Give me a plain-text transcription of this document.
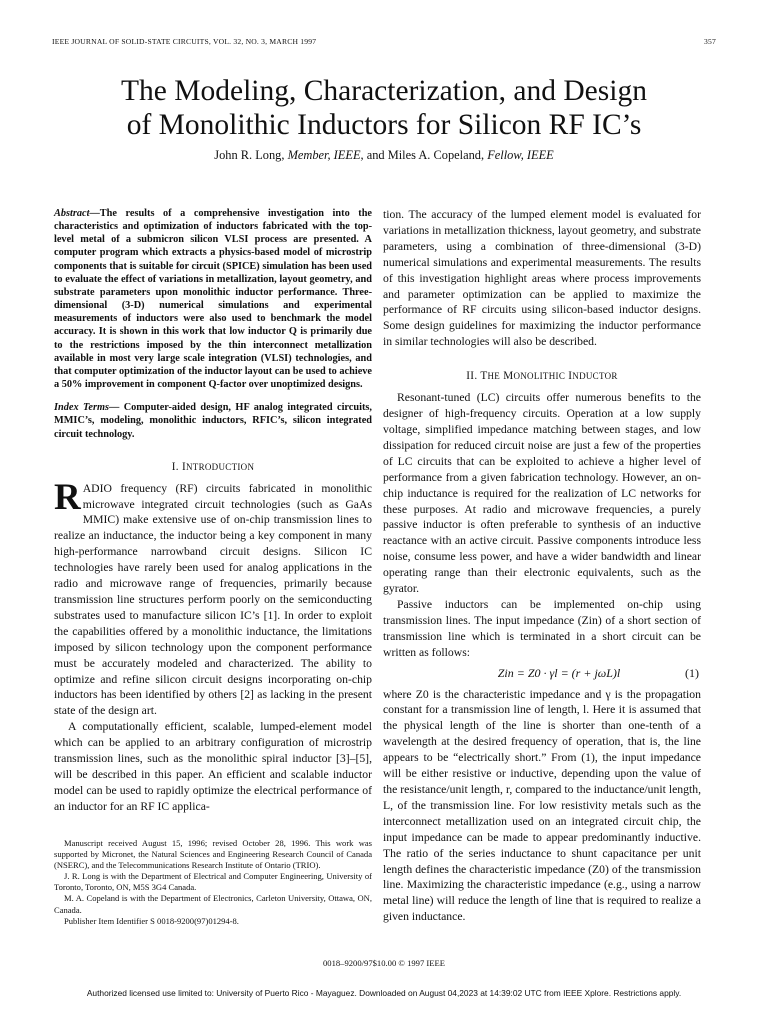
IEEE JOURNAL OF SOLID-STATE CIRCUITS, VOL. 32, NO. 3, MARCH 1997	357
The Modeling, Characterization, and Design
of Monolithic Inductors for Silicon RF IC’s
John R. Long, Member, IEEE, and Miles A. Copeland, Fellow, IEEE

Abstract—The results of a comprehensive investigation into the characteristics and optimization of inductors fabricated with the top-level metal of a submicron silicon VLSI process are presented. A computer program which extracts a physics-based model of microstrip components that is suitable for circuit (SPICE) simulation has been used to evaluate the effect of variations in metallization, layout geometry, and substrate parameters upon monolithic inductor performance. Three-dimensional (3-D) numerical simulations and experimental measurements of inductors were also used to benchmark the model accuracy. It is shown in this work that low inductor Q is primarily due to the restrictions imposed by the thin interconnect metallization available in most very large scale integration (VLSI) technologies, and that computer optimization of the inductor layout can be used to achieve a 50% improvement in component Q-factor over unoptimized designs.

Index Terms— Computer-aided design, HF analog integrated circuits, MMIC’s, modeling, monolithic inductors, RFIC’s, silicon integrated circuit technology.

I. INTRODUCTION

RADIO frequency (RF) circuits fabricated in monolithic microwave integrated circuit technologies (such as GaAs MMIC) make extensive use of on-chip transmission lines to realize an inductance, the inductor being a key component in many high-performance narrowband circuit designs. Silicon IC technologies have rarely been used for analog applications in the radio and microwave range of frequencies, primarily because transmission line structures perform poorly on the semiconducting substrates used to manufacture silicon IC’s [1]. In order to exploit the capabilities offered by a monolithic inductance, the limitations imposed by silicon technology upon the component performance must be accurately modeled and characterized. The ability to optimize and refine silicon circuit designs incorporating on-chip inductors has been identified by others [2] as lacking in the present state of the design art.

A computationally efficient, scalable, lumped-element model which can be applied to an arbitrary configuration of microstrip transmission lines, such as the monolithic spiral inductor [3]–[5], will be described in this paper. An efficient and scalable inductor model can be used to rapidly optimize the electrical performance of an inductor for an RF IC applica-

Manuscript received August 15, 1996; revised October 28, 1996. This work was supported by Micronet, the Natural Sciences and Engineering Research Council of Canada (NSERC), and the Telecommunications Research Institute of Ontario (TRIO).

J. R. Long is with the Department of Electrical and Computer Engineering, University of Toronto, Toronto, ON, M5S 3G4 Canada.

M. A. Copeland is with the Department of Electronics, Carleton University, Ottawa, ON, Canada.

Publisher Item Identifier S 0018-9200(97)01294-8.

tion. The accuracy of the lumped element model is evaluated for variations in metallization thickness, layout geometry, and substrate parameters, using a combination of three-dimensional (3-D) numerical simulations and experimental measurements. The results of this investigation highlight areas where process improvements and parameter optimization can be applied to maximize the performance of RF circuits using silicon-based inductor designs. Some design guidelines for maximizing the inductor performance in similar technologies will also be described.

II. THE MONOLITHIC INDUCTOR

Resonant-tuned (LC) circuits offer numerous benefits to the designer of high-frequency circuits. Operation at a low supply voltage, simplified impedance matching between stages, and low dissipation for reduced circuit noise are just a few of the properties of LC circuits that can be exploited to achieve a higher level of performance from a given fabrication technology. However, an on-chip inductance is required for the realization of LC networks for these purposes. At radio and microwave frequencies, a purely passive inductor is often preferable to synthesis of an inductive reactance with an active circuit. Passive components introduce less noise, consume less power, and have a wider bandwidth and linear operating range than their electronic equivalents, such as the gyrator.

Passive inductors can be implemented on-chip using transmission lines. The input impedance (Zin) of a short section of transmission line which is terminated in a short circuit can be written as follows:

Zin = Z0 · γl = (r + jωL)l	(1)

where Z0 is the characteristic impedance and γ is the propagation constant for a transmission line of length, l. Here it is assumed that the physical length of the line is shorter than one-tenth of a wavelength at the desired frequency of operation, that is, the line appears to be “electrically short.” From (1), the input impedance will be either resistive or inductive, depending upon the value of the resistance/unit length, r, compared to the inductance/unit length, L, of the transmission line. For low resistivity metals such as the interconnect metallization used on an integrated circuit chip, the input impedance can be made to appear predominantly inductive. The ratio of the series inductance to shunt capacitance per unit length defines the characteristic impedance (Z0) of the transmission line. Maximizing the characteristic impedance (e.g., using a narrow metal line) will reduce the length of line that is required to realize a given inductance.

0018–9200/97$10.00 © 1997 IEEE
Authorized licensed use limited to: University of Puerto Rico - Mayaguez. Downloaded on August 04,2023 at 14:39:02 UTC from IEEE Xplore. Restrictions apply.
